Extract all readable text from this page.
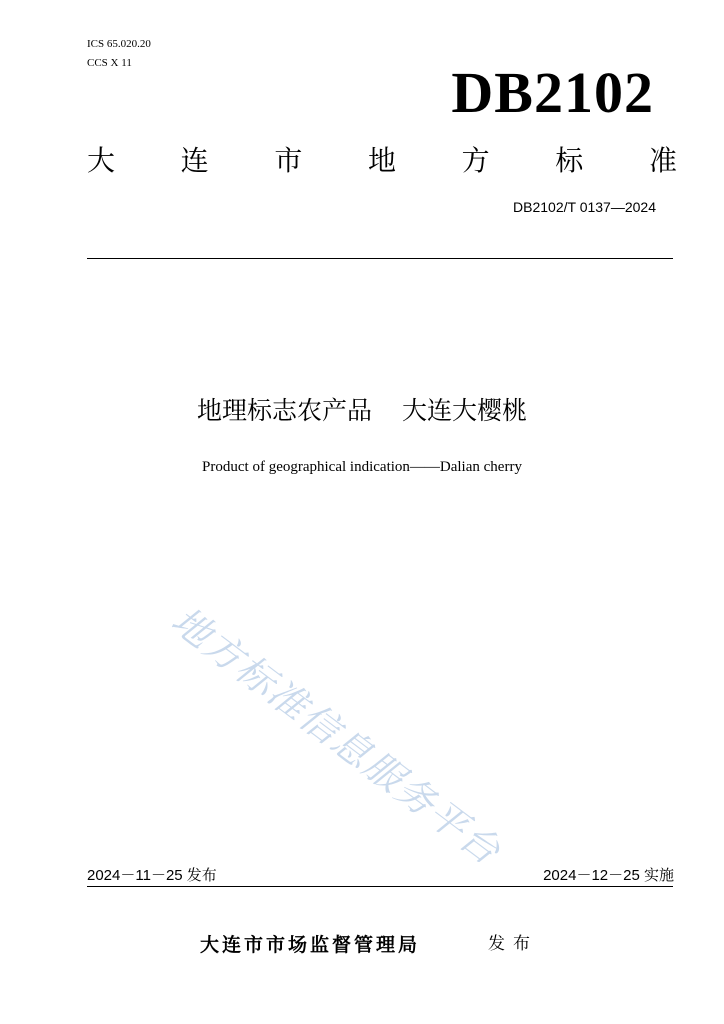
ICS 65.020.20
CCS X 11	DB2102
大 连 市 地 方 标 准
DB2102/T 0137—2024
地理标志农产品 大连大樱桃
Product of geographical indication——Dalian cherry
地方标准信息服务平台
2024－11－25 发布	2024－12－25 实施
大连市市场监督管理局	发布
